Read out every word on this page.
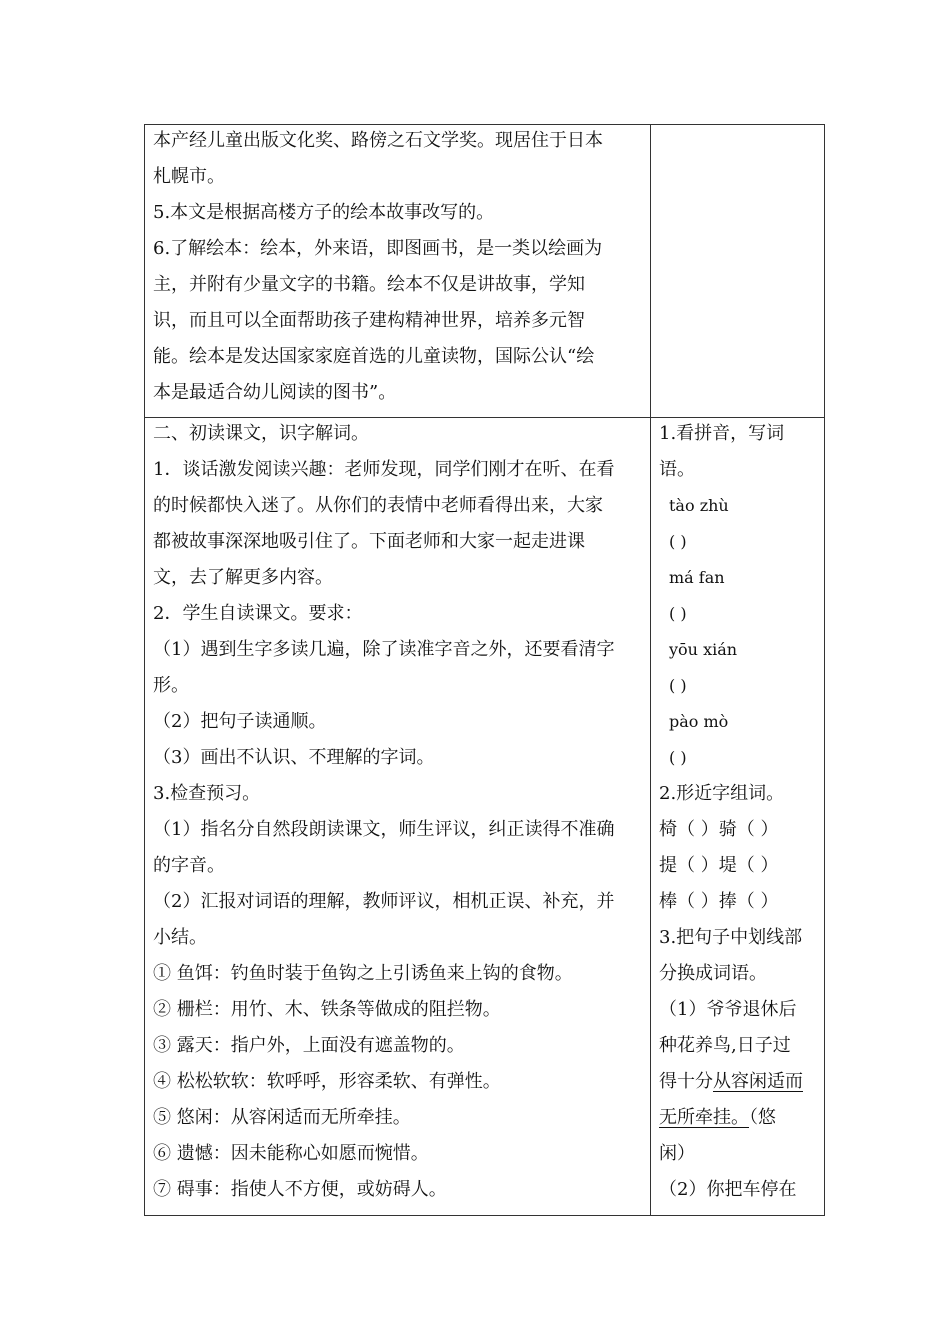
本产经儿童出版文化奖、路傍之石文学奖。现居住于日本
札幌市。
5.本文是根据高楼方子的绘本故事改写的。
6.了解绘本：绘本，外来语，即图画书，是一类以绘画为
主，并附有少量文字的书籍。绘本不仅是讲故事，学知
识，而且可以全面帮助孩子建构精神世界，培养多元智
能。绘本是发达国家家庭首选的儿童读物，国际公认“绘
本是最适合幼儿阅读的图书”。
二、初读课文，识字解词。
1．谈话激发阅读兴趣：老师发现，同学们刚才在听、在看
的时候都快入迷了。从你们的表情中老师看得出来，大家
都被故事深深地吸引住了。下面老师和大家一起走进课
文，去了解更多内容。
2．学生自读课文。要求：
（1）遇到生字多读几遍，除了读准字音之外，还要看清字
形。
（2）把句子读通顺。
（3）画出不认识、不理解的字词。
3.检查预习。
（1）指名分自然段朗读课文，师生评议，纠正读得不准确
的字音。
（2）汇报对词语的理解，教师评议，相机正误、补充，并
小结。
① 鱼饵：钓鱼时装于鱼钩之上引诱鱼来上钩的食物。
② 栅栏：用竹、木、铁条等做成的阻拦物。
③ 露天：指户外，上面没有遮盖物的。
④ 松松软软：软呼呼，形容柔软、有弹性。
⑤ 悠闲：从容闲适而无所牵挂。
⑥ 遗憾：因未能称心如愿而惋惜。
⑦ 碍事：指使人不方便，或妨碍人。
1.看拼音，写词
语。
tào zhù
( )
má fan
( )
yōu xián
( )
pào mò
( )
2.形近字组词。
椅（ ）骑（ ）
提（ ）堤（ ）
棒（ ）捧（ ）
3.把句子中划线部
分换成词语。
（1）爷爷退休后
种花养鸟,日子过
得十分从容闲适而
无所牵挂。（悠
闲）
（2）你把车停在
